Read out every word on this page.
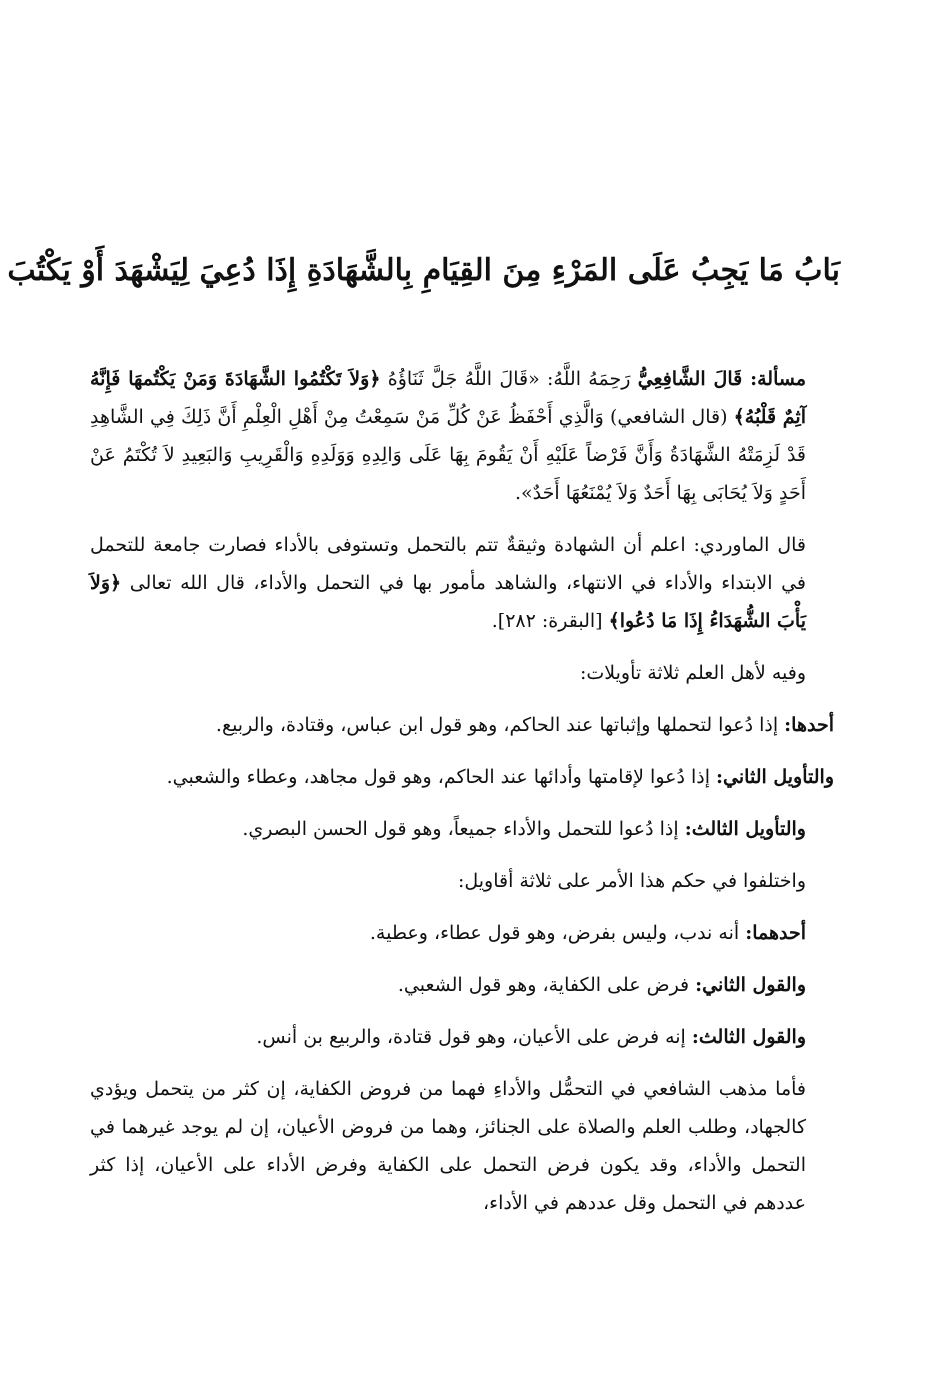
بَابُ مَا يَجِبُ عَلَى المَرْءِ مِنَ القِيَامِ بِالشَّهَادَةِ إِذَا دُعِيَ لِيَشْهَدَ أَوْ يَكْتُبَ

مسألة: قَالَ الشَّافِعِيُّ رَحِمَهُ اللَّهُ: «قَالَ اللَّهُ جَلَّ ثَنَاؤُهُ ﴿وَلاَ تَكْتُمُوا الشَّهَادَةَ وَمَنْ يَكْتُمهَا فَإِنَّهُ آثِمٌ قَلْبُهُ﴾ (قال الشافعي) وَالَّذِي أَحْفَظُ عَنْ كُلِّ مَنْ سَمِعْتُ مِنْ أَهْلِ الْعِلْمِ أَنَّ ذَلِكَ فِي الشَّاهِدِ قَدْ لَزِمَتْهُ الشَّهَادَةُ وَأَنَّ فَرْضاً عَلَيْهِ أَنْ يَقُومَ بِهَا عَلَى وَالِدِهِ وَوَلَدِهِ وَالْقَرِيبِ وَالبَعِيدِ لاَ تُكْتَمُ عَنْ أَحَدٍ وَلاَ يُحَابَى بِهَا أَحَدٌ وَلاَ يُمْنَعُهَا أَحَدٌ».

قال الماوردي: اعلم أن الشهادة وثيقةٌ تتم بالتحمل وتستوفى بالأداء فصارت جامعة للتحمل في الابتداء والأداء في الانتهاء، والشاهد مأمور بها في التحمل والأداء، قال الله تعالى ﴿وَلاَ يَأْبَ الشُّهَدَاءُ إِذَا مَا دُعُوا﴾ [البقرة: ٢٨٢].

وفيه لأهل العلم ثلاثة تأويلات:

أحدها: إذا دُعوا لتحملها وإثباتها عند الحاكم، وهو قول ابن عباس، وقتادة، والربيع.

والتأويل الثاني: إذا دُعوا لإقامتها وأدائها عند الحاكم، وهو قول مجاهد، وعطاء والشعبي.

والتأويل الثالث: إذا دُعوا للتحمل والأداء جميعاً، وهو قول الحسن البصري.

واختلفوا في حكم هذا الأمر على ثلاثة أقاويل:

أحدهما: أنه ندب، وليس بفرض، وهو قول عطاء، وعطية.

والقول الثاني: فرض على الكفاية، وهو قول الشعبي.

والقول الثالث: إنه فرض على الأعيان، وهو قول قتادة، والربيع بن أنس.

فأما مذهب الشافعي في التحمُّل والأداءِ فهما من فروض الكفاية، إن كثر من يتحمل ويؤدي كالجهاد، وطلب العلم والصلاة على الجنائز، وهما من فروض الأعيان، إن لم يوجد غيرهما في التحمل والأداء، وقد يكون فرض التحمل على الكفاية وفرض الأداء على الأعيان، إذا كثر عددهم في التحمل وقل عددهم في الأداء،
